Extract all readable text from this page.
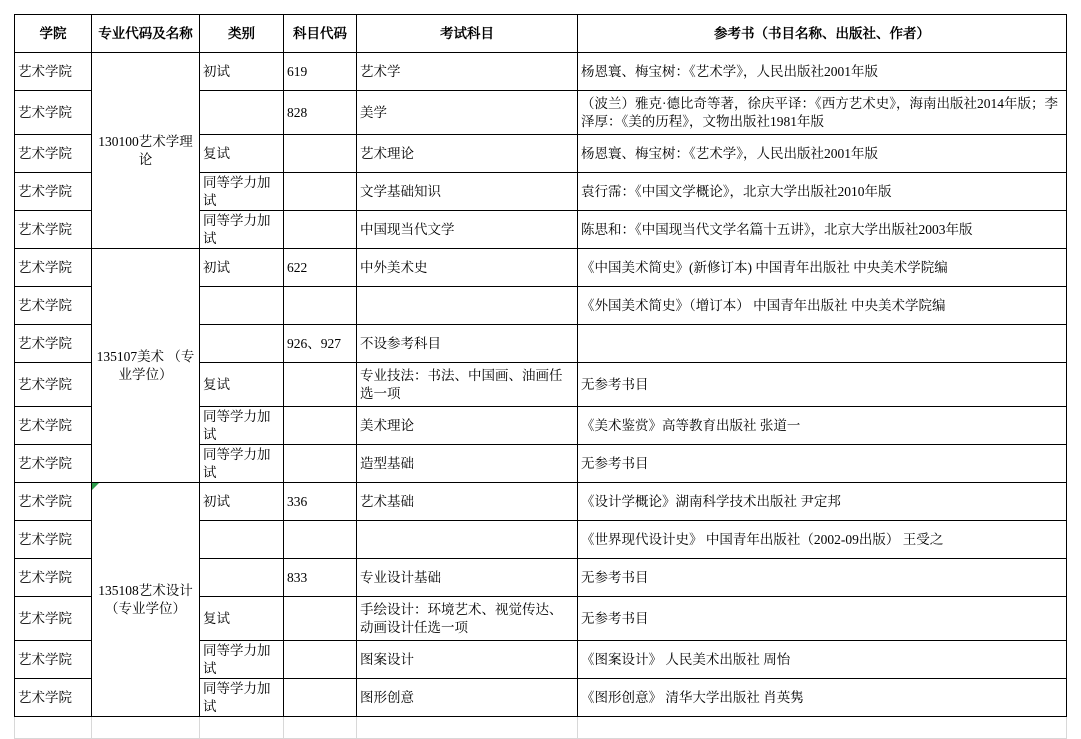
学院	专业代码及名称	类别	科目代码	考试科目	参考书（书目名称、出版社、作者）
艺术学院	130100艺术学理论	初试	619	艺术学	杨恩寰、梅宝树：《艺术学》，人民出版社2001年版
艺术学院			828	美学	（波兰）雅克·德比奇等著，徐庆平译：《西方艺术史》，海南出版社2014年版；李泽厚：《美的历程》，文物出版社1981年版
艺术学院		复试		艺术理论	杨恩寰、梅宝树：《艺术学》，人民出版社2001年版
艺术学院		同等学力加试		文学基础知识	袁行霈：《中国文学概论》，北京大学出版社2010年版
艺术学院		同等学力加试		中国现当代文学	陈思和：《中国现当代文学名篇十五讲》，北京大学出版社2003年版
艺术学院	135107美术 （专业学位）	初试	622	中外美术史	《中国美术简史》(新修订本) 中国青年出版社 中央美术学院编
艺术学院					《外国美术简史》（增订本） 中国青年出版社 中央美术学院编
艺术学院			926、927	不设参考科目	
艺术学院		复试		专业技法：书法、中国画、油画任选一项	无参考书目
艺术学院		同等学力加试		美术理论	《美术鉴赏》高等教育出版社 张道一
艺术学院		同等学力加试		造型基础	无参考书目
艺术学院	135108艺术设计 （专业学位）	初试	336	艺术基础	《设计学概论》湖南科学技术出版社 尹定邦
艺术学院					《世界现代设计史》 中国青年出版社（2002-09出版） 王受之
艺术学院			833	专业设计基础	无参考书目
艺术学院		复试		手绘设计：环境艺术、视觉传达、动画设计任选一项	无参考书目
艺术学院		同等学力加试		图案设计	《图案设计》 人民美术出版社 周怡
艺术学院		同等学力加试		图形创意	《图形创意》 清华大学出版社 肖英隽
